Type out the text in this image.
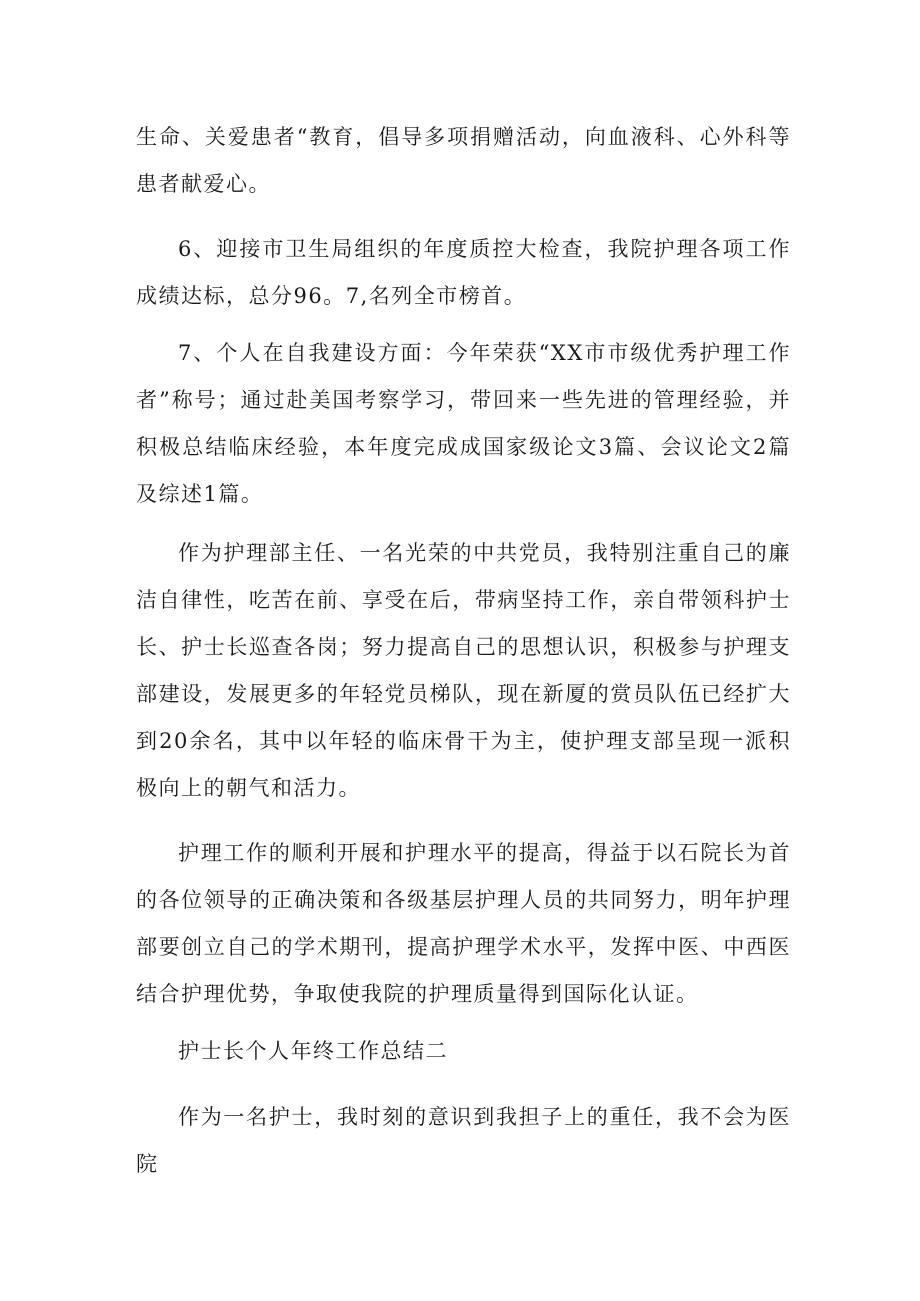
生命、关爱患者“教育，倡导多项捐赠活动，向血液科、心外科等患者献爱心。

6、迎接市卫生局组织的年度质控大检查，我院护理各项工作成绩达标，总分96。7,名列全市榜首。

7、个人在自我建设方面：今年荣获“XX市市级优秀护理工作者”称号；通过赴美国考察学习，带回来一些先进的管理经验，并积极总结临床经验，本年度完成成国家级论文3篇、会议论文2篇及综述1篇。

作为护理部主任、一名光荣的中共党员，我特别注重自己的廉洁自律性，吃苦在前、享受在后，带病坚持工作，亲自带领科护士长、护士长巡查各岗；努力提高自己的思想认识，积极参与护理支部建设，发展更多的年轻党员梯队，现在新厦的赏员队伍已经扩大到20余名，其中以年轻的临床骨干为主，使护理支部呈现一派积极向上的朝气和活力。

护理工作的顺利开展和护理水平的提高，得益于以石院长为首的各位领导的正确决策和各级基层护理人员的共同努力，明年护理部要创立自己的学术期刊，提高护理学术水平，发挥中医、中西医结合护理优势，争取使我院的护理质量得到国际化认证。

护士长个人年终工作总结二

作为一名护士，我时刻的意识到我担子上的重任，我不会为医院
